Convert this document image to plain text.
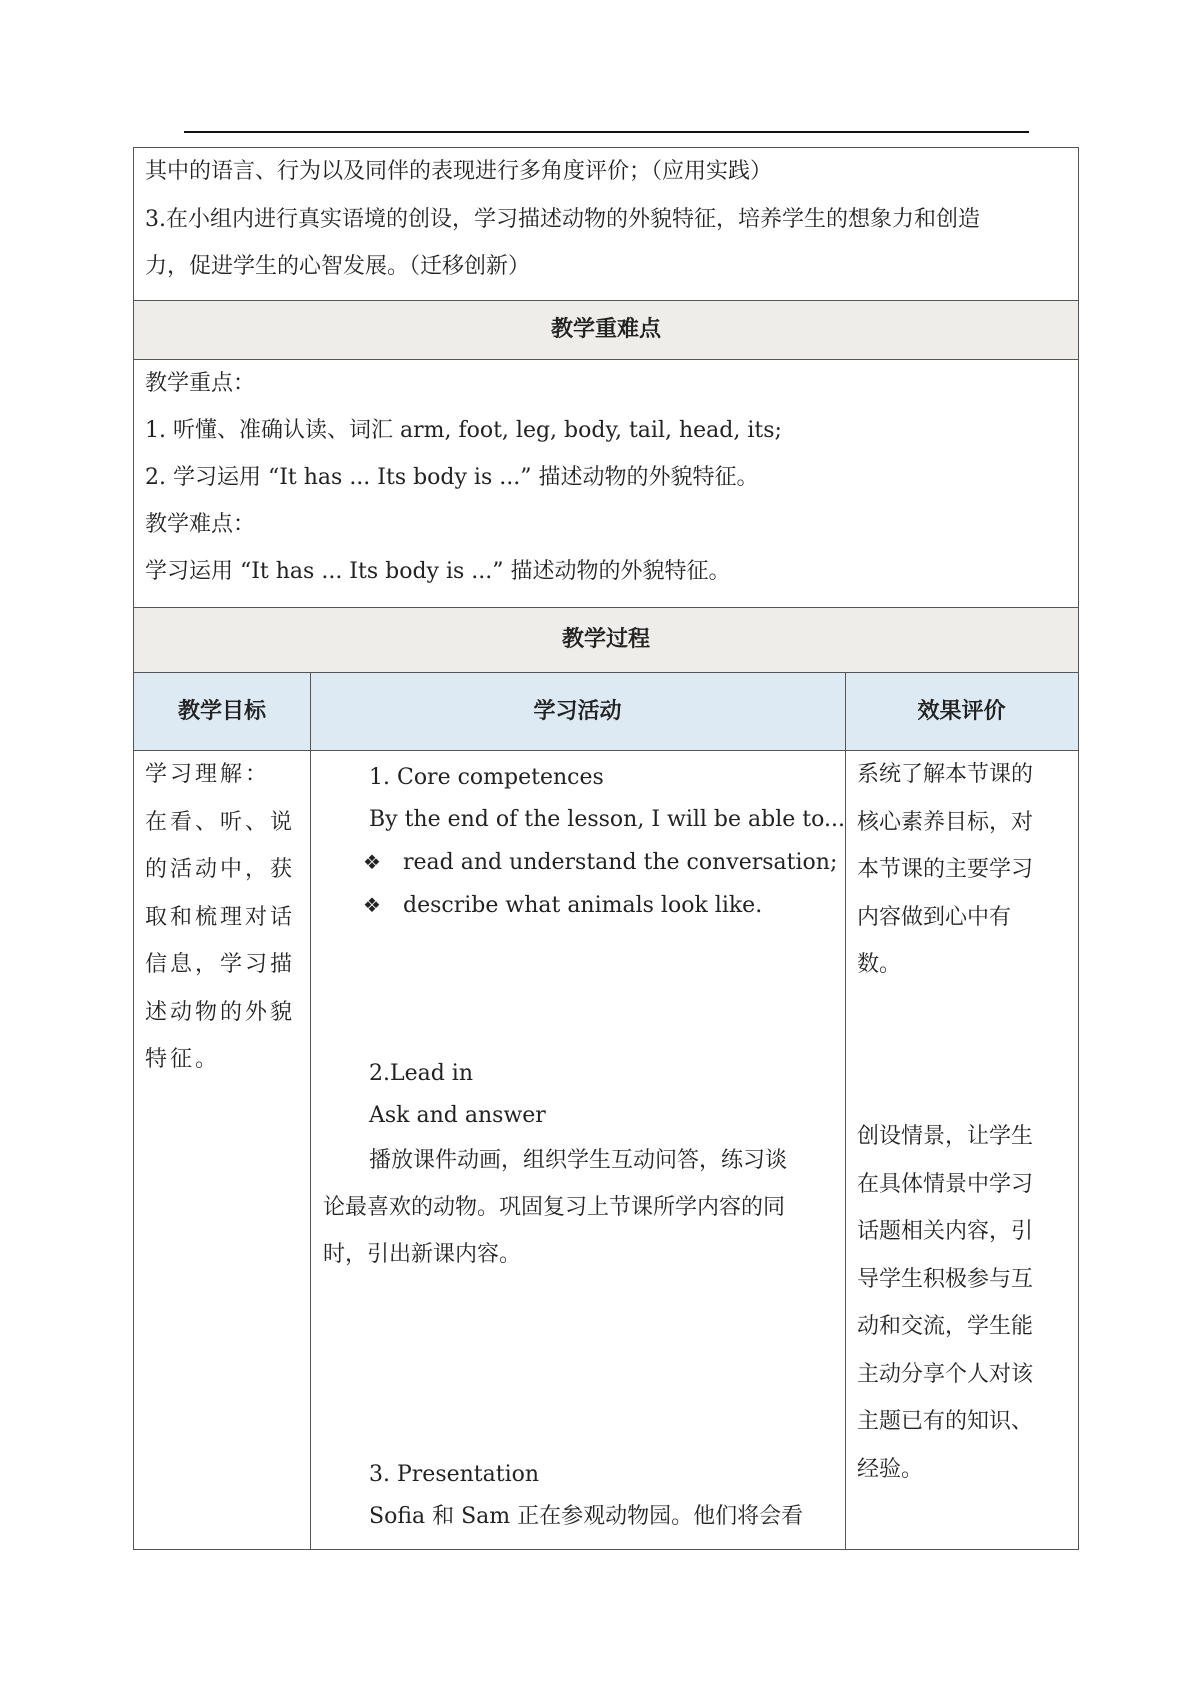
其中的语言、行为以及同伴的表现进行多角度评价；（应用实践）
3.在小组内进行真实语境的创设，学习描述动物的外貌特征，培养学生的想象力和创造
力，促进学生的心智发展。（迁移创新）
教学重难点
教学重点：
1. 听懂、准确认读、词汇 arm, foot, leg, body, tail, head, its;
2. 学习运用 “It has ... Its body is ...” 描述动物的外貌特征。
教学难点：
学习运用 “It has ... Its body is ...” 描述动物的外貌特征。
教学过程
教学目标	学习活动	效果评价
学习理解：
在看、听、说
的活动中，获
取和梳理对话
信息，学习描
述动物的外貌
特征。
1. Core competences
By the end of the lesson, I will be able to...
❖ read and understand the conversation;
❖ describe what animals look like.
2.Lead in
Ask and answer
播放课件动画，组织学生互动问答，练习谈
论最喜欢的动物。巩固复习上节课所学内容的同
时，引出新课内容。
3. Presentation
Sofia 和 Sam 正在参观动物园。他们将会看
系统了解本节课的
核心素养目标，对
本节课的主要学习
内容做到心中有
数。
创设情景，让学生
在具体情景中学习
话题相关内容，引
导学生积极参与互
动和交流，学生能
主动分享个人对该
主题已有的知识、
经验。
